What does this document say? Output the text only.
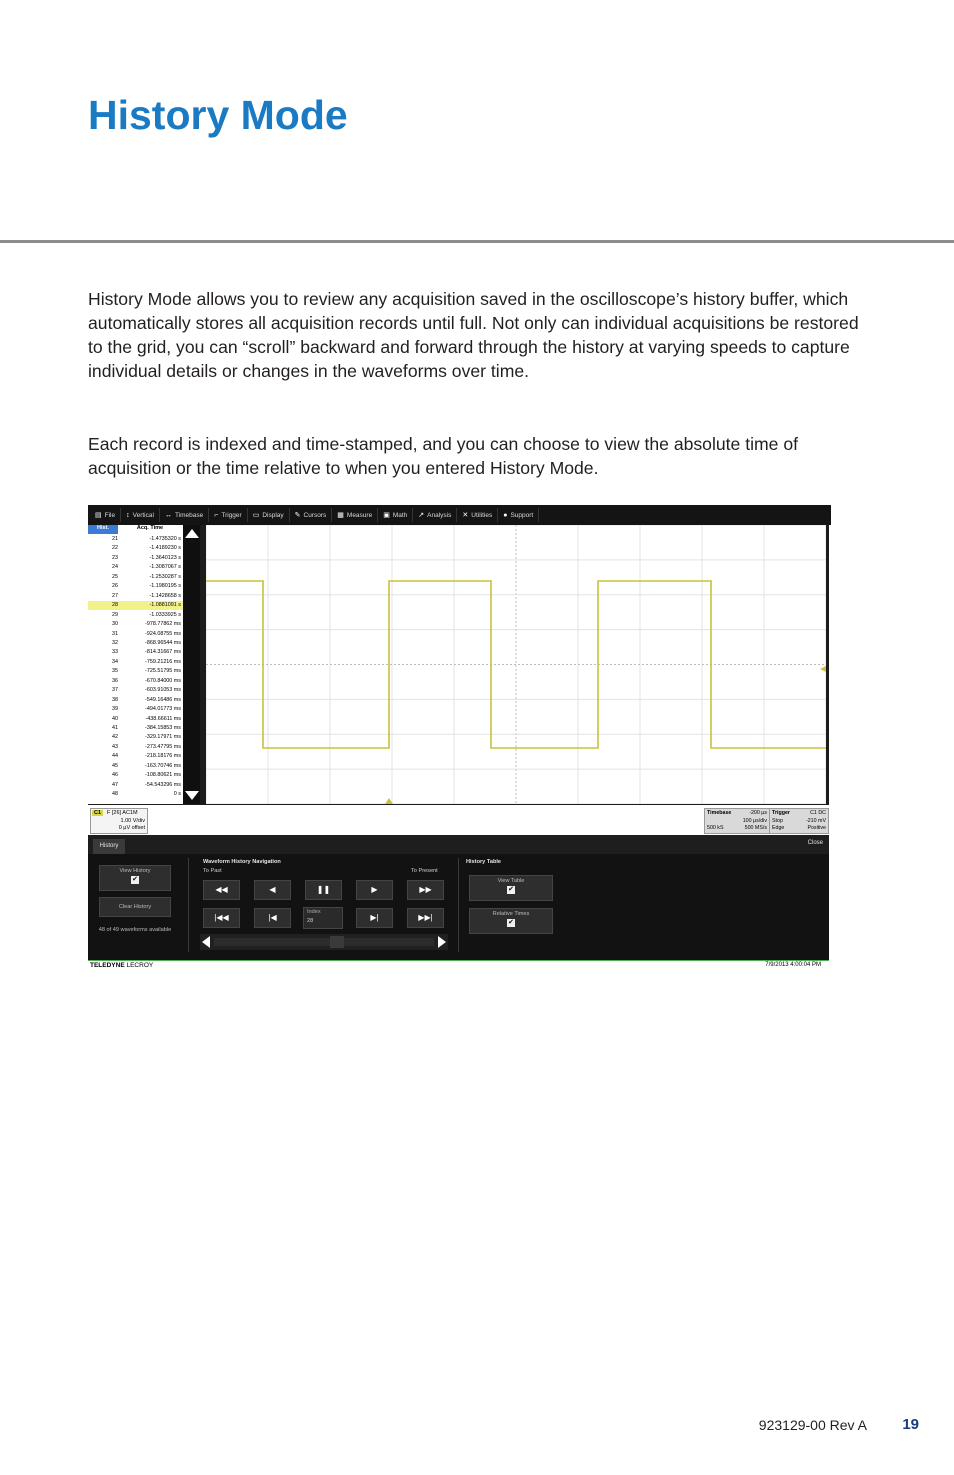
History Mode

History Mode allows you to review any acquisition saved in the oscilloscope’s history buffer, which automatically stores all acquisition records until full. Not only can individual acquisitions be restored to the grid, you can “scroll” backward and forward through the history at varying speeds to capture individual details or changes in the waveforms over time.

Each record is indexed and time-stamped, and you can choose to view the absolute time of acquisition or the time relative to when you entered History Mode.

▤ File ↕ Vertical ↔ Timebase ⌐ Trigger ▭ Display ✎ Cursors ▦ Measure ▣ Math ↗ Analysis ✕ Utilities ● Support
Hist.	Acq. Time
21	-1.4735320 s
22	-1.4189230 s
23	-1.3640123 s
24	-1.3087067 s
25	-1.2530287 s
26	-1.1980195 s
27	-1.1428658 s
28	-1.0881091 s
29	-1.0333925 s
30	-978.77862 ms
31	-924.08755 ms
32	-868.96544 ms
33	-814.31667 ms
34	-759.21216 ms
35	-725.51795 ms
36	-670.84000 ms
37	-603.91053 ms
38	-549.16486 ms
39	-494.01773 ms
40	-438.66611 ms
41	-384.15853 ms
42	-329.17971 ms
43	-273.47795 ms
44	-218.18176 ms
45	-163.70746 ms
46	-108.80621 ms
47	-54.543296 ms
48	0 s
C1	F [26] AC1M
1.00 V/div
0 µV offset
Timebase	-200 µs
100 µs/div
500 kS	500 MS/s
Trigger	C1 DC
Stop	-210 mV
Edge	Positive
History	Close
View History
✔
Clear History
48 of 49 waveforms available
Waveform History Navigation
To Past	To Present
◀◀	◀	❚❚	▶	▶▶
|◀◀	|◀
Index
28	▶|	▶▶|
History Table
View Table
✔
Relative Times
✔
TELEDYNE LECROY	7/9/2013 4:00:04 PM
923129-00 Rev A 19
